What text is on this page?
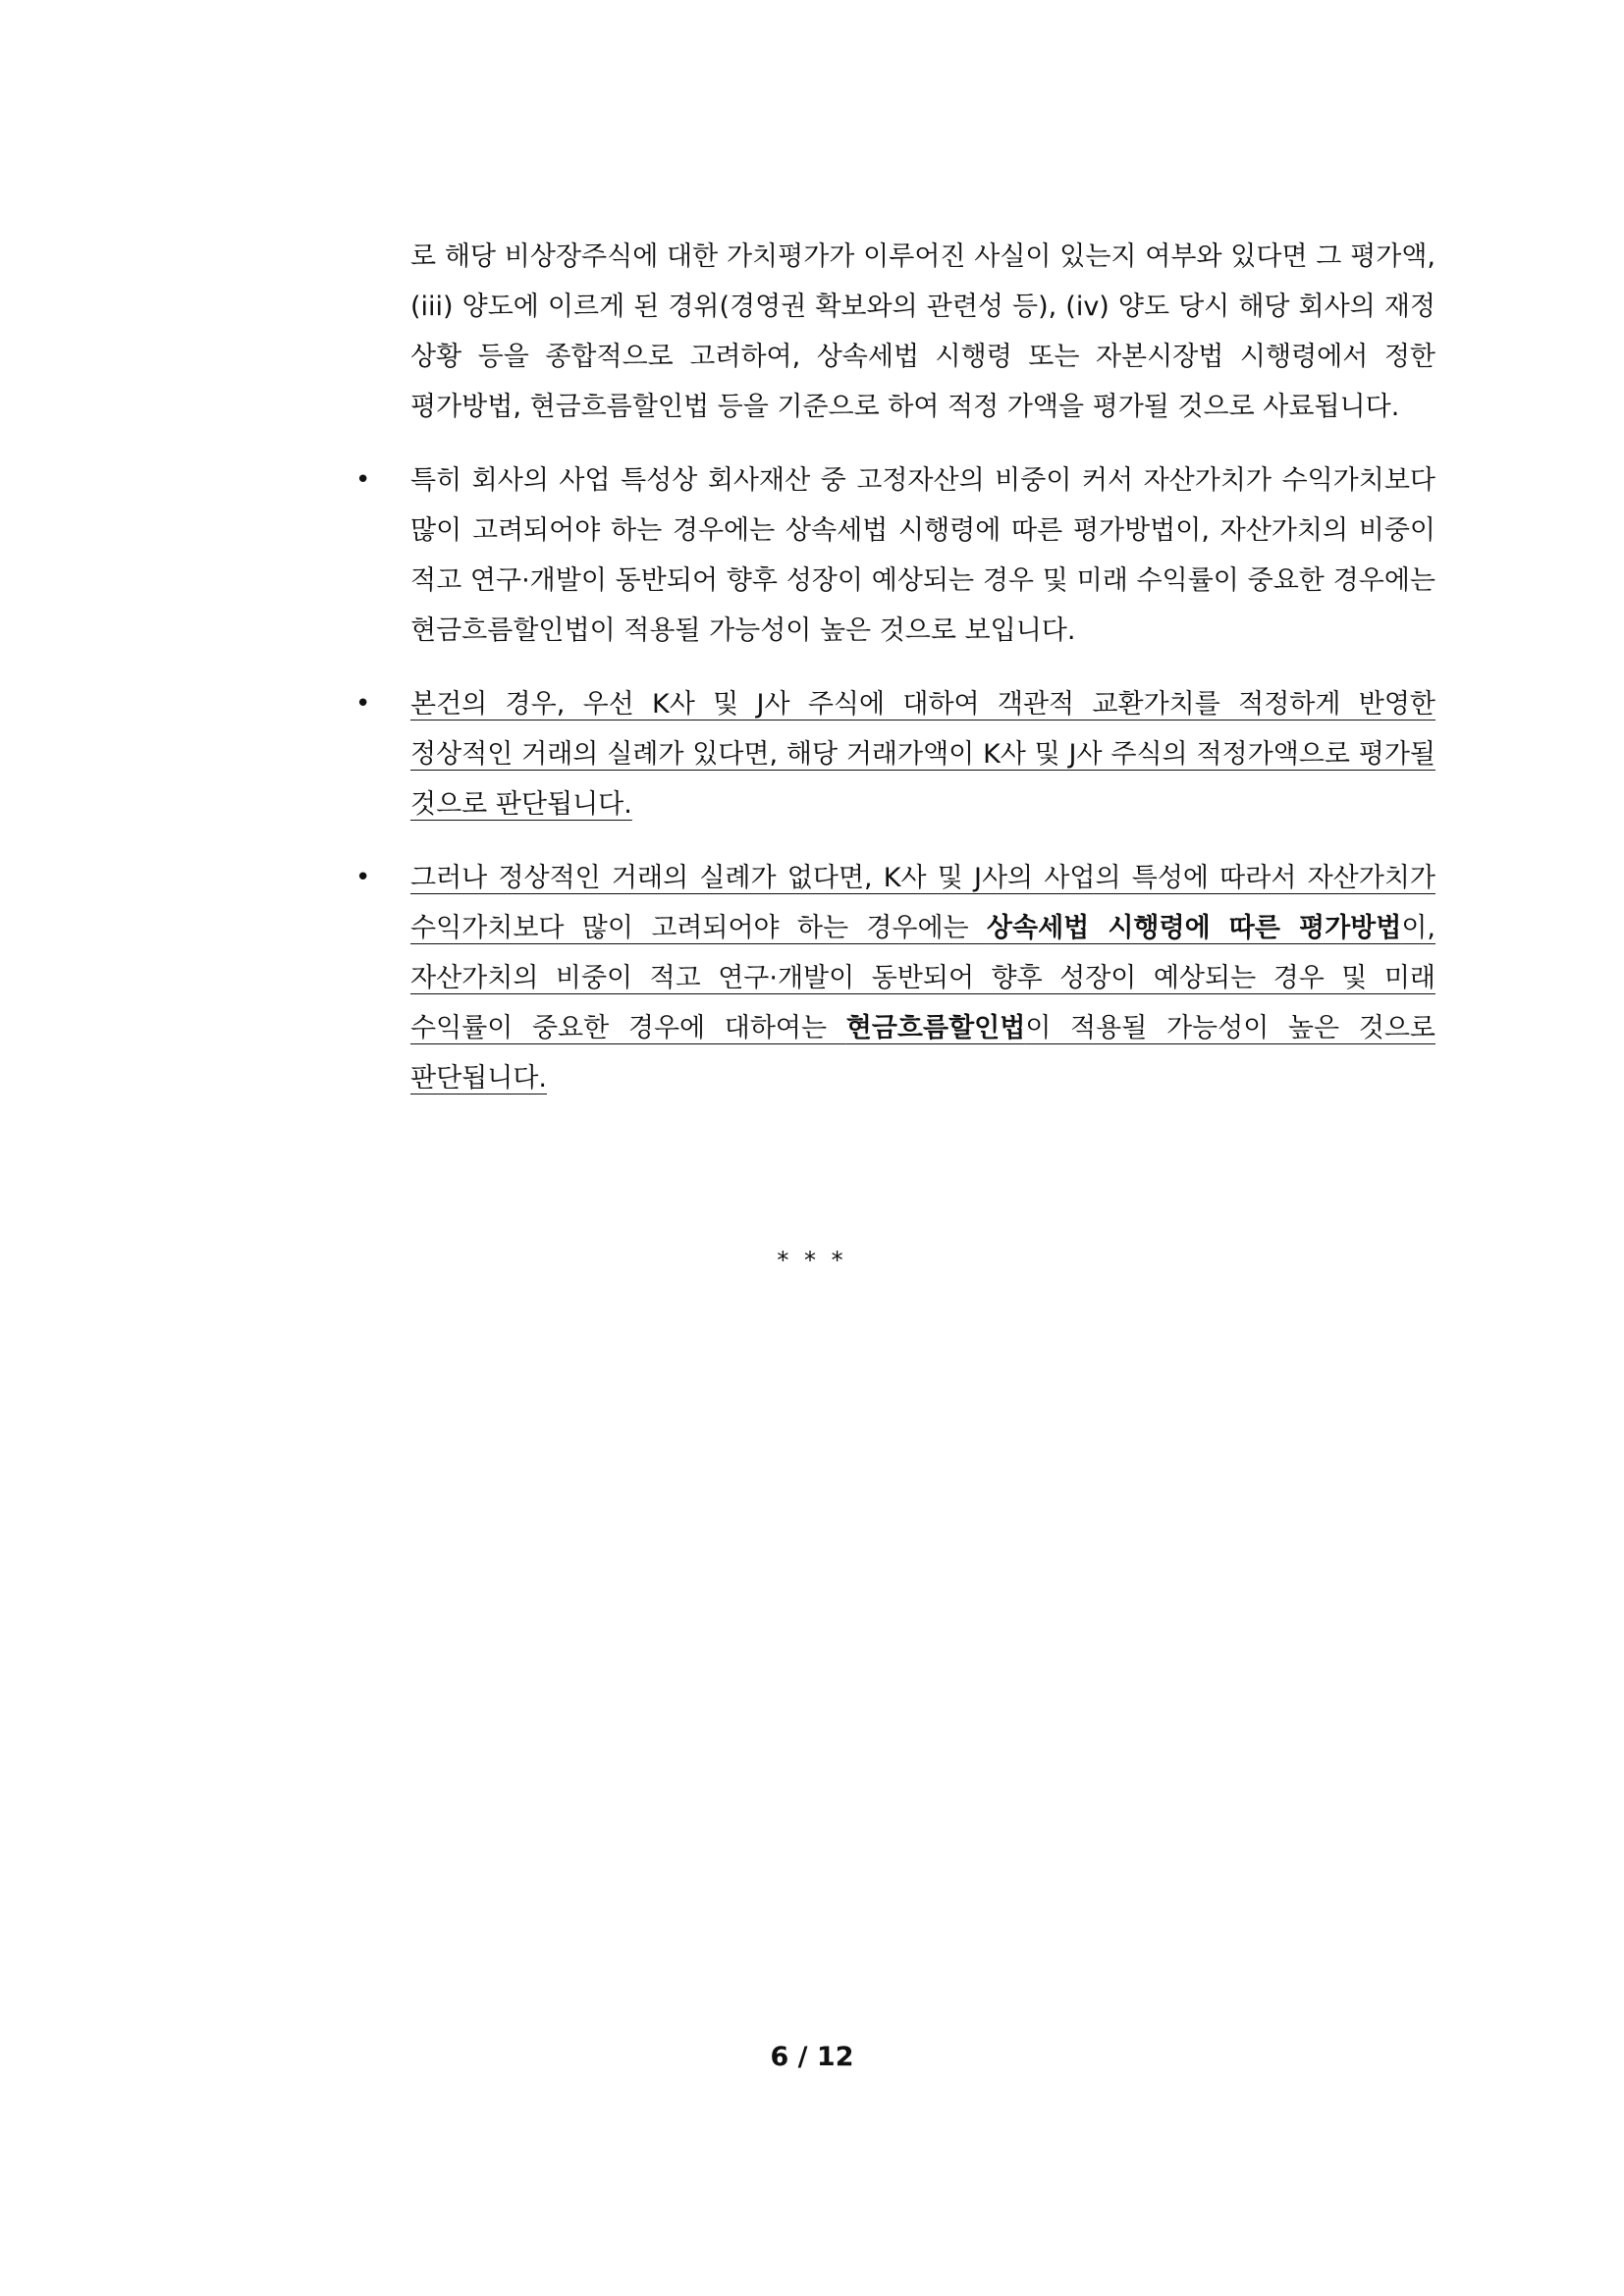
로 해당 비상장주식에 대한 가치평가가 이루어진 사실이 있는지 여부와 있다면 그 평가액, (iii) 양도에 이르게 된 경위(경영권 확보와의 관련성 등), (iv) 양도 당시 해당 회사의 재정 상황 등을 종합적으로 고려하여, 상속세법 시행령 또는 자본시장법 시행령에서 정한 평가방법, 현금흐름할인법 등을 기준으로 하여 적정 가액을 평가될 것으로 사료됩니다.

• 특히 회사의 사업 특성상 회사재산 중 고정자산의 비중이 커서 자산가치가 수익가치보다 많이 고려되어야 하는 경우에는 상속세법 시행령에 따른 평가방법이, 자산가치의 비중이 적고 연구·개발이 동반되어 향후 성장이 예상되는 경우 및 미래 수익률이 중요한 경우에는 현금흐름할인법이 적용될 가능성이 높은 것으로 보입니다.

• 본건의 경우, 우선 K사 및 J사 주식에 대하여 객관적 교환가치를 적정하게 반영한 정상적인 거래의 실례가 있다면, 해당 거래가액이 K사 및 J사 주식의 적정가액으로 평가될 것으로 판단됩니다.

• 그러나 정상적인 거래의 실례가 없다면, K사 및 J사의 사업의 특성에 따라서 자산가치가 수익가치보다 많이 고려되어야 하는 경우에는 상속세법 시행령에 따른 평가방법이, 자산가치의 비중이 적고 연구·개발이 동반되어 향후 성장이 예상되는 경우 및 미래 수익률이 중요한 경우에 대하여는 현금흐름할인법이 적용될 가능성이 높은 것으로 판단됩니다.

* * *
6 / 12
